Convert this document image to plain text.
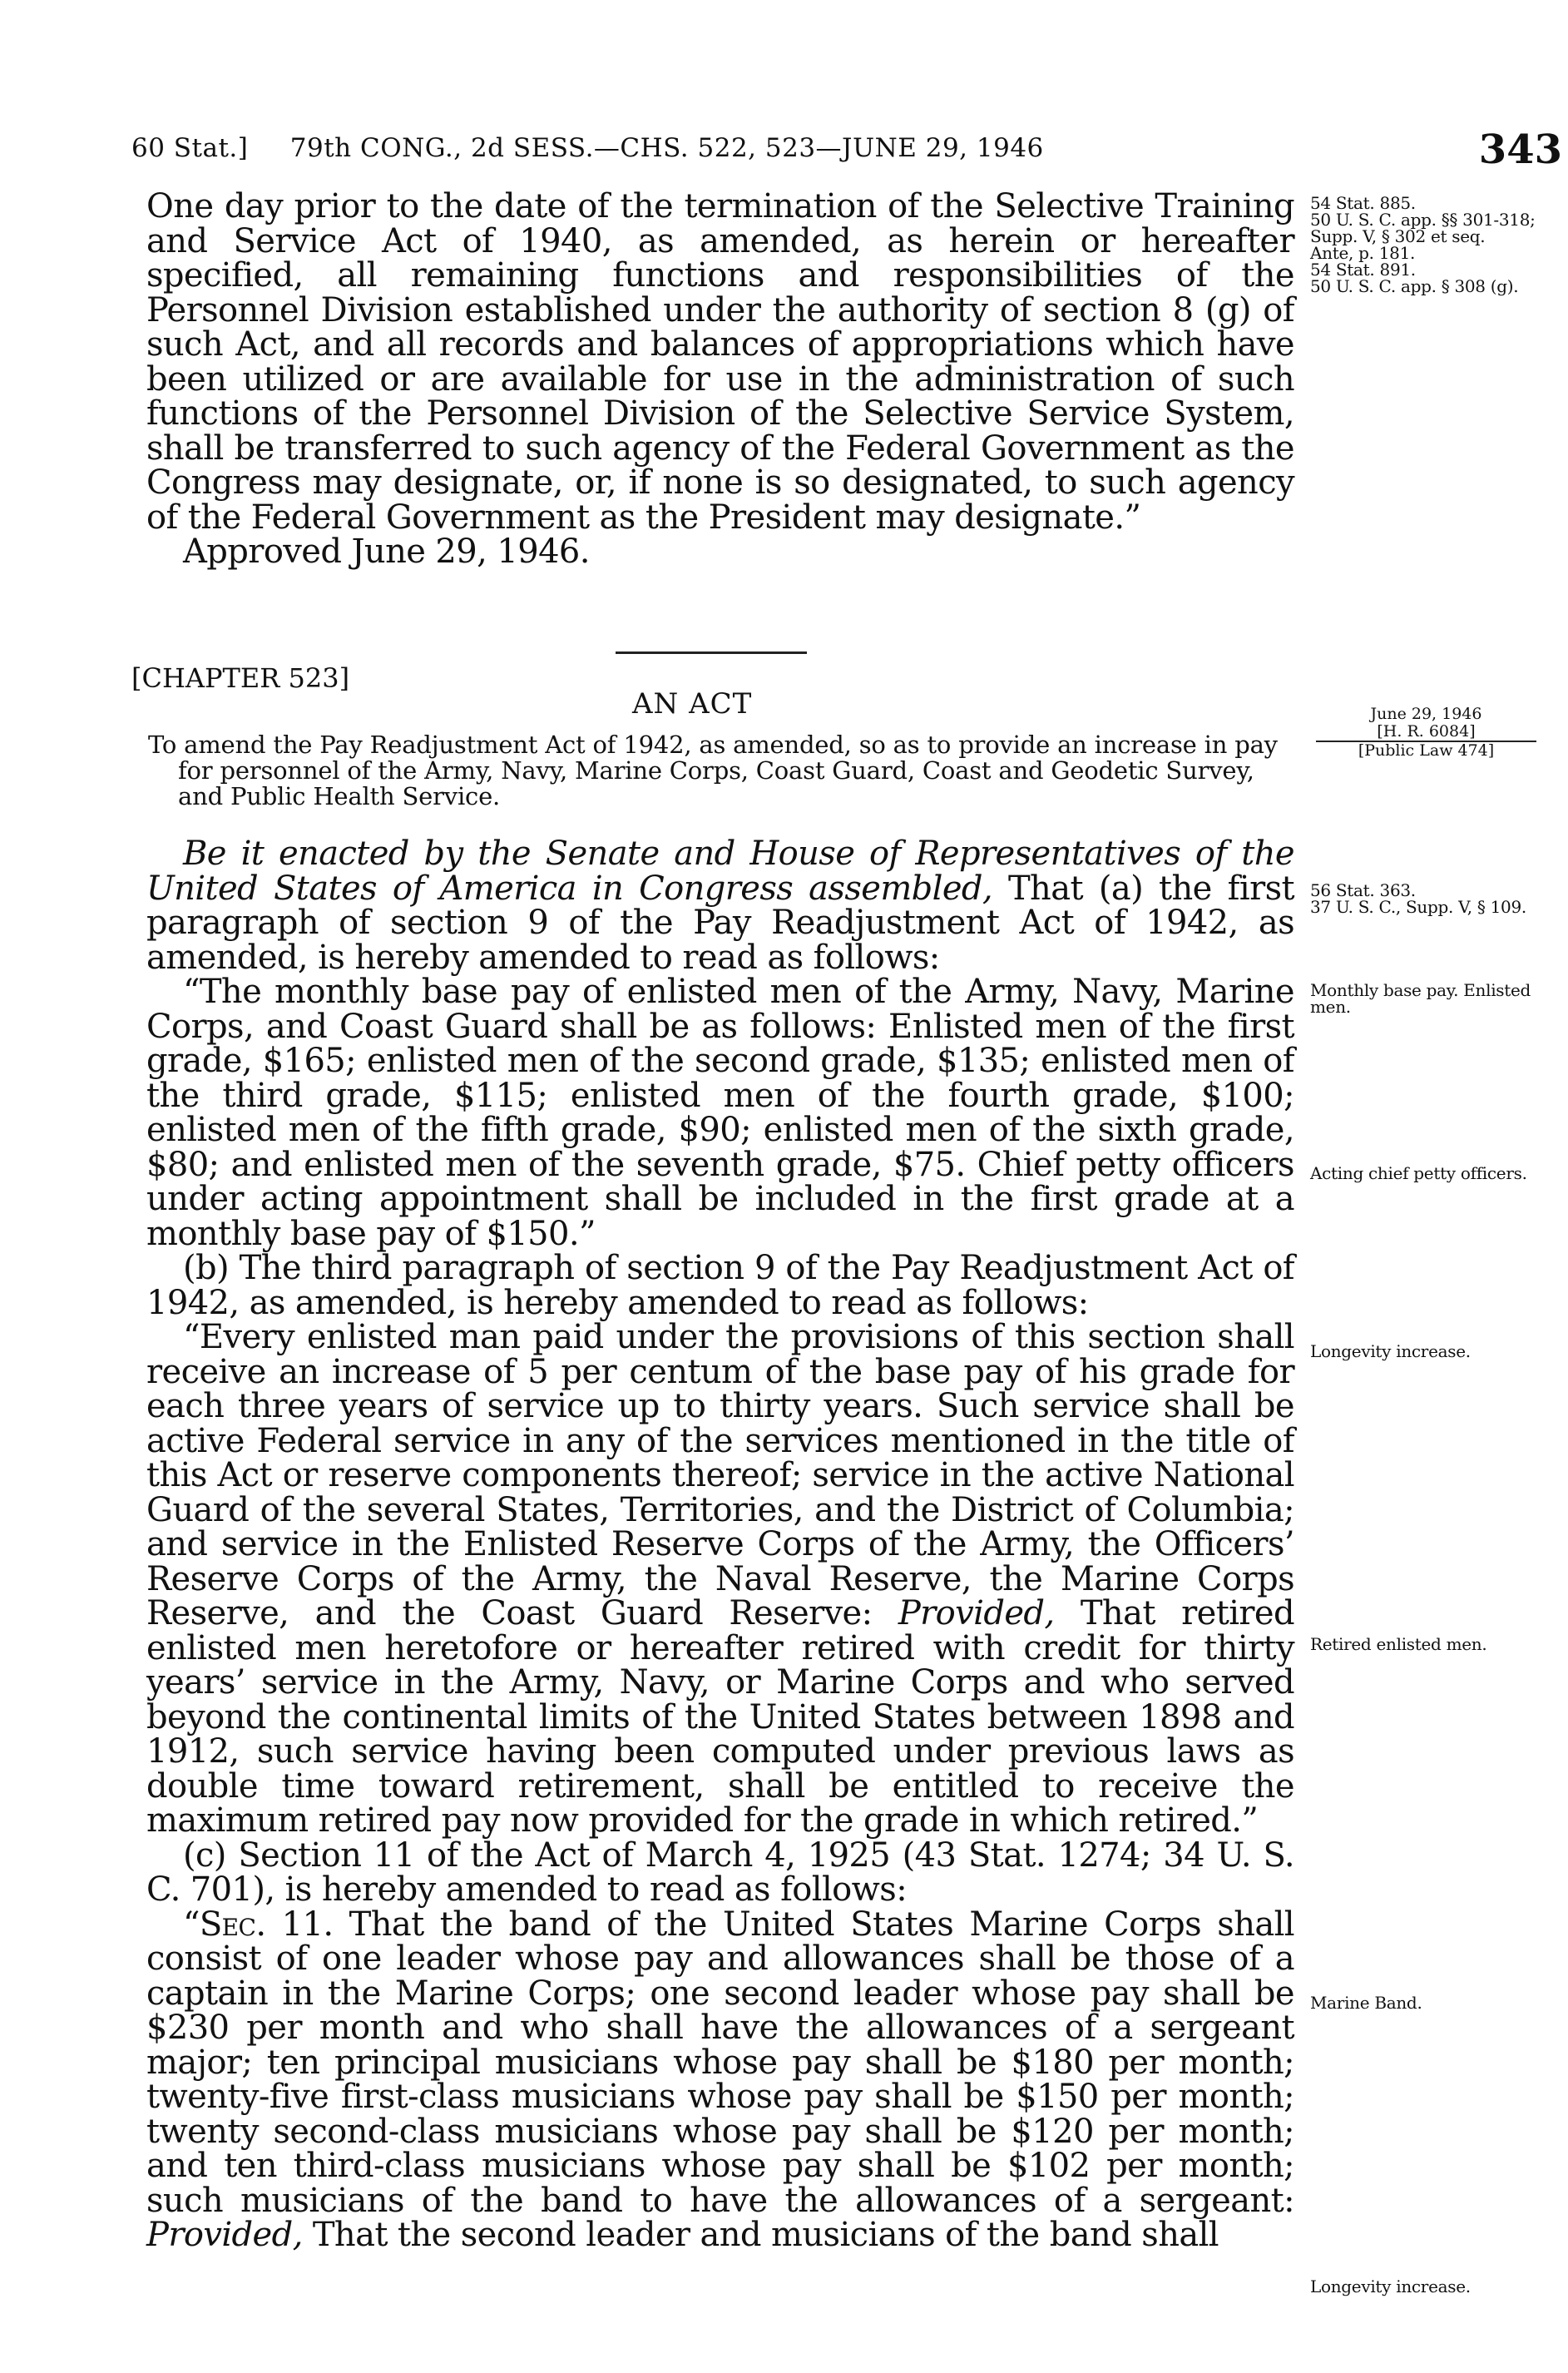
60 Stat.] 79th CONG., 2d SESS.—CHS. 522, 523—JUNE 29, 1946	343

One day prior to the date of the termination of the Selective Training and Service Act of 1940, as amended, as herein or hereafter specified, all remaining functions and responsibilities of the Personnel Division established under the authority of section 8 (g) of such Act, and all records and balances of appropriations which have been utilized or are available for use in the administration of such functions of the Personnel Division of the Selective Service System, shall be transferred to such agency of the Federal Government as the Congress may designate, or, if none is so designated, to such agency of the Federal Government as the President may designate.”

Approved June 29, 1946.

54 Stat. 885.
50 U. S. C. app. §§ 301-318; Supp. V, § 302 et seq.
Ante, p. 181.
54 Stat. 891.
50 U. S. C. app. § 308 (g).
[CHAPTER 523]
AN ACT	June 29, 1946
[H. R. 6084]
[Public Law 474]
To amend the Pay Readjustment Act of 1942, as amended, so as to provide an increase in pay for personnel of the Army, Navy, Marine Corps, Coast Guard, Coast and Geodetic Survey, and Public Health Service.

Be it enacted by the Senate and House of Representatives of the United States of America in Congress assembled, That (a) the first paragraph of section 9 of the Pay Readjustment Act of 1942, as amended, is hereby amended to read as follows:

“The monthly base pay of enlisted men of the Army, Navy, Marine Corps, and Coast Guard shall be as follows: Enlisted men of the first grade, $165; enlisted men of the second grade, $135; enlisted men of the third grade, $115; enlisted men of the fourth grade, $100; enlisted men of the fifth grade, $90; enlisted men of the sixth grade, $80; and enlisted men of the seventh grade, $75. Chief petty officers under acting appointment shall be included in the first grade at a monthly base pay of $150.”

(b) The third paragraph of section 9 of the Pay Readjustment Act of 1942, as amended, is hereby amended to read as follows:

“Every enlisted man paid under the provisions of this section shall receive an increase of 5 per centum of the base pay of his grade for each three years of service up to thirty years. Such service shall be active Federal service in any of the services mentioned in the title of this Act or reserve components thereof; service in the active National Guard of the several States, Territories, and the District of Columbia; and service in the Enlisted Reserve Corps of the Army, the Officers’ Reserve Corps of the Army, the Naval Reserve, the Marine Corps Reserve, and the Coast Guard Reserve: Provided, That retired enlisted men heretofore or hereafter retired with credit for thirty years’ service in the Army, Navy, or Marine Corps and who served beyond the continental limits of the United States between 1898 and 1912, such service having been computed under previous laws as double time toward retirement, shall be entitled to receive the maximum retired pay now provided for the grade in which retired.”

(c) Section 11 of the Act of March 4, 1925 (43 Stat. 1274; 34 U. S. C. 701), is hereby amended to read as follows:

“Sec. 11. That the band of the United States Marine Corps shall consist of one leader whose pay and allowances shall be those of a captain in the Marine Corps; one second leader whose pay shall be $230 per month and who shall have the allowances of a sergeant major; ten principal musicians whose pay shall be $180 per month; twenty-five first-class musicians whose pay shall be $150 per month; twenty second-class musicians whose pay shall be $120 per month; and ten third-class musicians whose pay shall be $102 per month; such musicians of the band to have the allowances of a sergeant: Provided, That the second leader and musicians of the band shall

56 Stat. 363.
37 U. S. C., Supp. V, § 109.
Monthly base pay. Enlisted men.
Acting chief petty officers.
Longevity increase.
Retired enlisted men.
Marine Band.
Longevity increase.
